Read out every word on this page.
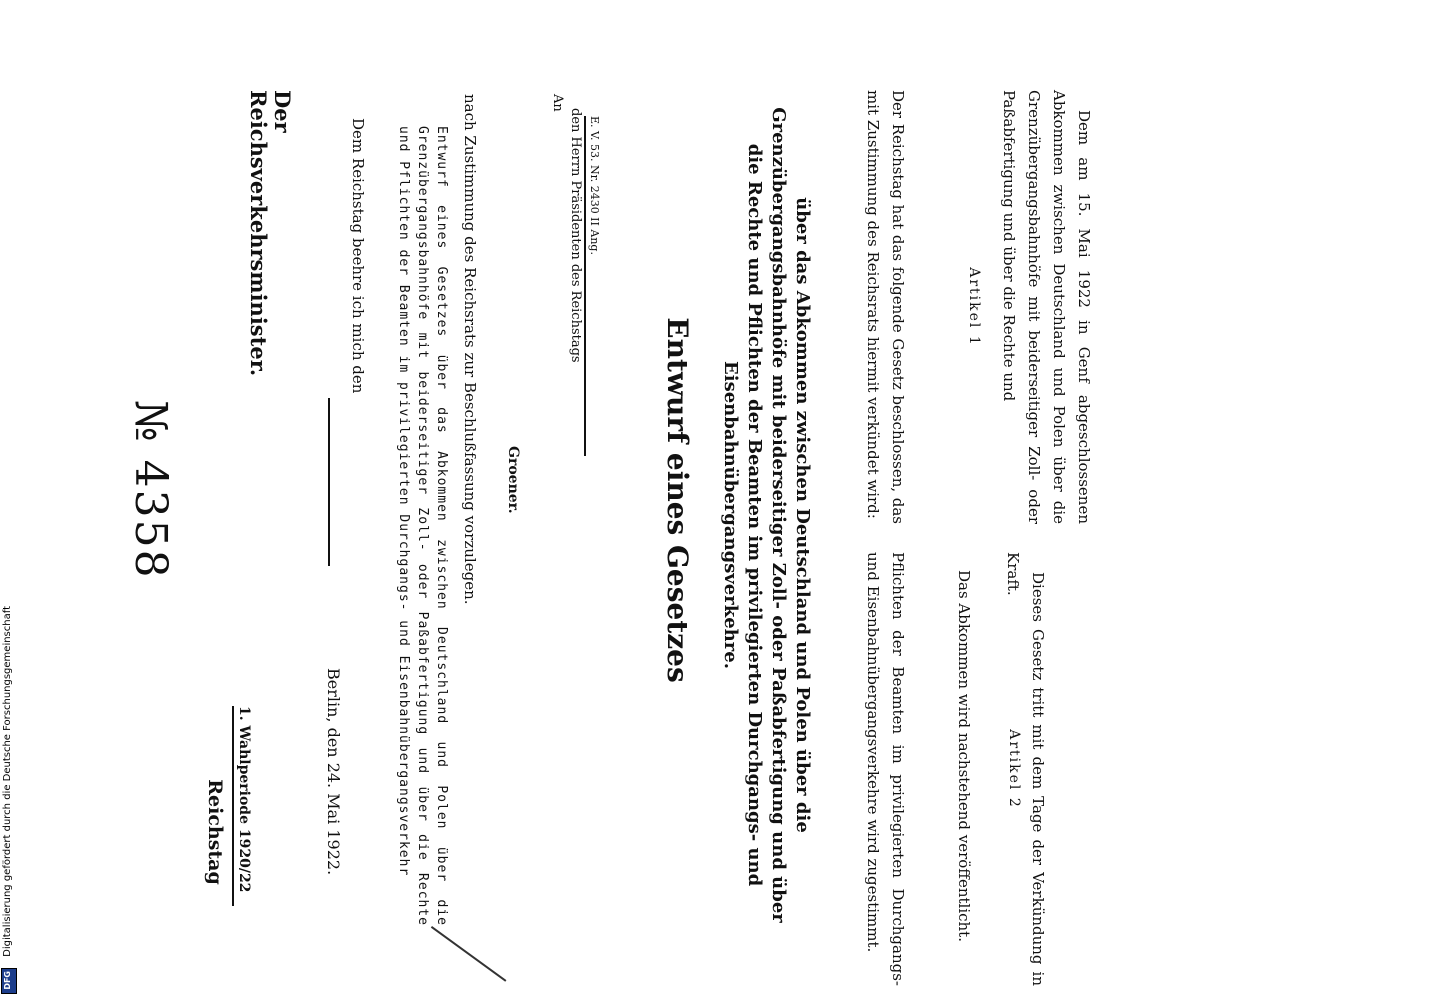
№ 4358
Reichstag 1. Wahlperiode 1920/22
Der Reichsverkehrsminister.
Berlin, den 24. Mai 1922.
Dem Reichstag beehre ich mich den	Entwurf eines Gesetzes über das Abkommen zwischen Deutschland und Polen über die Grenzübergangsbahnhöfe mit beiderseitiger Zoll- oder Paßabfertigung und über die Rechte und Pflichten der Beamten im privilegierten Durchgangs- und Eisenbahnübergangsverkehr	nach Zustimmung des Reichsrats zur Beschlußfassung vorzulegen. Groener.
An
den Herrn Präsidenten des Reichstags E. V. 53. Nr. 2430 II Ang.
Entwurf eines Gesetzes	über das Abkommen zwischen Deutschland und Polen über die Grenzübergangsbahnhöfe mit beiderseitiger Zoll- oder Paßabfertigung und über die Rechte und Pflichten der Beamten im privilegierten Durchgangs- und Eisenbahnübergangsverkehre.	Der Reichstag hat das folgende Gesetz beschlossen, das mit Zustimmung des Reichsrats hiermit verkündet wird:
Pflichten der Beamten im privilegierten Durchgangs- und Eisenbahnübergangsverkehre wird zugestimmt.
Artikel 1
Das Abkommen wird nachstehend veröffentlicht. Artikel 2
Dem am 15. Mai 1922 in Genf abgeschlossenen Abkommen zwischen Deutschland und Polen über die Grenzübergangsbahnhöfe mit beiderseitiger Zoll- oder Paßabfertigung und über die Rechte und
Dieses Gesetz tritt mit dem Tage der Verkündung in Kraft.
Digitalisierung gefördert durch die Deutsche Forschungsgemeinschaft
DFG
